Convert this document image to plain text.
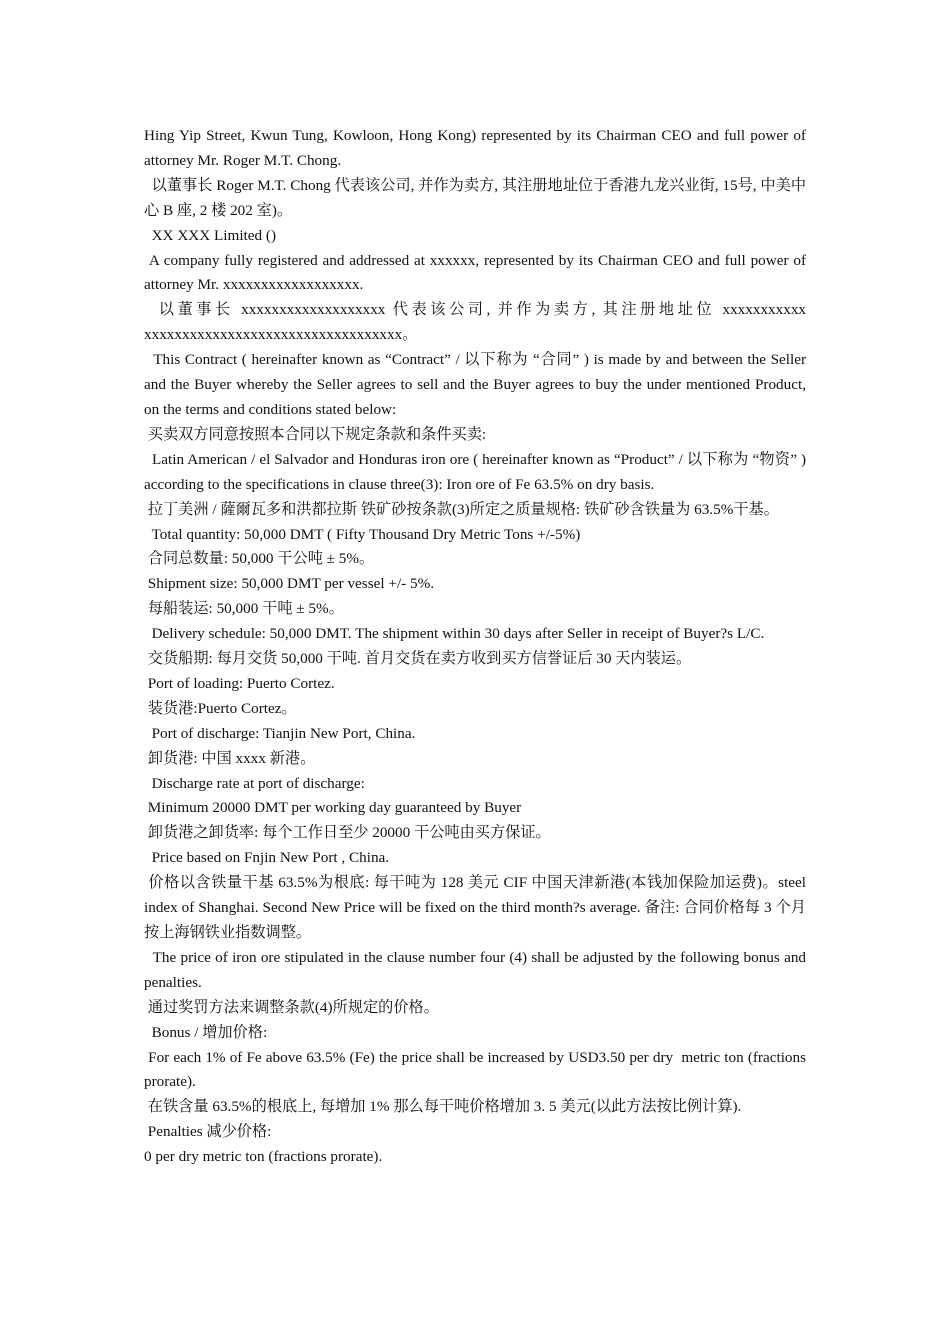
Hing Yip Street, Kwun Tung, Kowloon, Hong Kong) represented by its Chairman CEO and full power of attorney Mr. Roger M.T. Chong.

以董事长 Roger M.T. Chong 代表该公司, 并作为卖方, 其注册地址位于香港九龙兴业街, 15号, 中美中心 B 座, 2 楼 202 室)。

XX XXX Limited ()

A company fully registered and addressed at xxxxxx, represented by its Chairman CEO and full power of attorney Mr. xxxxxxxxxxxxxxxxxx.

以董事长 xxxxxxxxxxxxxxxxxxx 代表该公司, 并作为卖方, 其注册地址位 xxxxxxxxxxx xxxxxxxxxxxxxxxxxxxxxxxxxxxxxxxxxx。

This Contract ( hereinafter known as “Contract” / 以下称为 “合同” ) is made by and between the Seller and the Buyer whereby the Seller agrees to sell and the Buyer agrees to buy the under mentioned Product, on the terms and conditions stated below:

买卖双方同意按照本合同以下规定条款和条件买卖:

Latin American / el Salvador and Honduras iron ore ( hereinafter known as “Product” / 以下称为 “物资” ) according to the specifications in clause three(3): Iron ore of Fe 63.5% on dry basis.

拉丁美洲 / 薩爾瓦多和洪都拉斯 铁矿砂按条款(3)所定之质量规格: 铁矿砂含铁量为 63.5%干基。

Total quantity: 50,000 DMT ( Fifty Thousand Dry Metric Tons +/-5%)

合同总数量: 50,000 干公吨 ± 5%。

Shipment size: 50,000 DMT per vessel +/- 5%.

每船装运: 50,000 干吨 ± 5%。

Delivery schedule: 50,000 DMT. The shipment within 30 days after Seller in receipt of Buyer?s L/C.

交货船期: 每月交货 50,000 干吨. 首月交货在卖方收到买方信誉证后 30 天内装运。

Port of loading: Puerto Cortez.

装货港:Puerto Cortez。

Port of discharge: Tianjin New Port, China.

卸货港: 中国 xxxx 新港。

Discharge rate at port of discharge:

Minimum 20000 DMT per working day guaranteed by Buyer

卸货港之卸货率: 每个工作日至少 20000 干公吨由买方保证。

Price based on Fnjin New Port , China.

价格以含铁量干基 63.5%为根底: 每干吨为 128 美元 CIF 中国天津新港(本钱加保险加运费)。steel index of Shanghai. Second New Price will be fixed on the third month?s average. 备注: 合同价格每 3 个月按上海钢铁业指数调整。

The price of iron ore stipulated in the clause number four (4) shall be adjusted by the following bonus and penalties.

通过奖罚方法来调整条款(4)所规定的价格。

Bonus / 增加价格:

For each 1% of Fe above 63.5% (Fe) the price shall be increased by USD3.50 per dry  metric ton (fractions prorate).

在铁含量 63.5%的根底上, 每增加 1% 那么每干吨价格增加 3. 5 美元(以此方法按比例计算).

Penalties 减少价格:

0 per dry metric ton (fractions prorate).
